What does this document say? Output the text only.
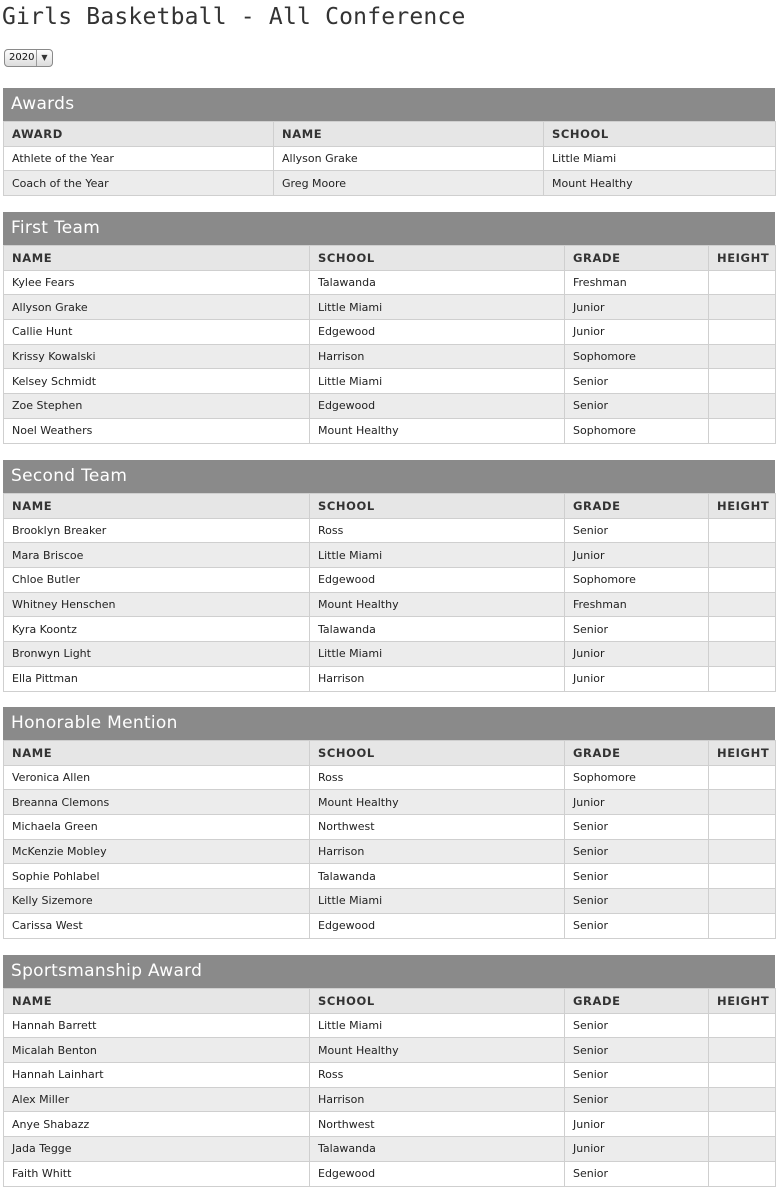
Girls Basketball - All Conference
2020 ▼
Awards
AWARD	NAME	SCHOOL
Athlete of the Year	Allyson Grake	Little Miami
Coach of the Year	Greg Moore	Mount Healthy
First Team
NAME	SCHOOL	GRADE	HEIGHT
Kylee Fears	Talawanda	Freshman	
Allyson Grake	Little Miami	Junior	
Callie Hunt	Edgewood	Junior	
Krissy Kowalski	Harrison	Sophomore	
Kelsey Schmidt	Little Miami	Senior	
Zoe Stephen	Edgewood	Senior	
Noel Weathers	Mount Healthy	Sophomore	
Second Team
NAME	SCHOOL	GRADE	HEIGHT
Brooklyn Breaker	Ross	Senior	
Mara Briscoe	Little Miami	Junior	
Chloe Butler	Edgewood	Sophomore	
Whitney Henschen	Mount Healthy	Freshman	
Kyra Koontz	Talawanda	Senior	
Bronwyn Light	Little Miami	Junior	
Ella Pittman	Harrison	Junior	
Honorable Mention
NAME	SCHOOL	GRADE	HEIGHT
Veronica Allen	Ross	Sophomore	
Breanna Clemons	Mount Healthy	Junior	
Michaela Green	Northwest	Senior	
McKenzie Mobley	Harrison	Senior	
Sophie Pohlabel	Talawanda	Senior	
Kelly Sizemore	Little Miami	Senior	
Carissa West	Edgewood	Senior	
Sportsmanship Award
NAME	SCHOOL	GRADE	HEIGHT
Hannah Barrett	Little Miami	Senior	
Micalah Benton	Mount Healthy	Senior	
Hannah Lainhart	Ross	Senior	
Alex Miller	Harrison	Senior	
Anye Shabazz	Northwest	Junior	
Jada Tegge	Talawanda	Junior	
Faith Whitt	Edgewood	Senior	
